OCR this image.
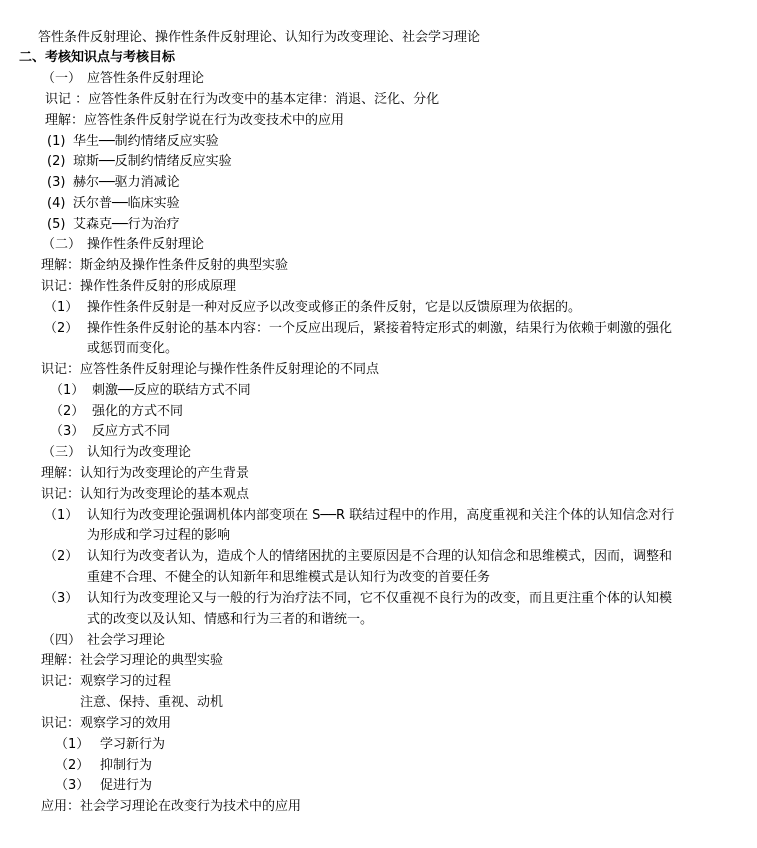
答性条件反射理论、操作性条件反射理论、认知行为改变理论、社会学习理论
二、考核知识点与考核目标
（一） 应答性条件反射理论
识记 ：应答性条件反射在行为改变中的基本定律：消退、泛化、分化
理解：应答性条件反射学说在行为改变技术中的应用
(1) 华生──制约情绪反应实验
(2) 琼斯──反制约情绪反应实验
(3) 赫尔──驱力消减论
(4) 沃尔普──临床实验
(5) 艾森克──行为治疗
（二） 操作性条件反射理论
理解：斯金纳及操作性条件反射的典型实验
识记：操作性条件反射的形成原理
（1） 操作性条件反射是一种对反应予以改变或修正的条件反射，它是以反馈原理为依据的。
（2） 操作性条件反射论的基本内容：一个反应出现后，紧接着特定形式的刺激，结果行为依赖于刺激的强化
或惩罚而变化。
识记：应答性条件反射理论与操作性条件反射理论的不同点
（1） 刺激──反应的联结方式不同
（2） 强化的方式不同
（3） 反应方式不同
（三） 认知行为改变理论
理解：认知行为改变理论的产生背景
识记：认知行为改变理论的基本观点
（1） 认知行为改变理论强调机体内部变项在 S──R 联结过程中的作用，高度重视和关注个体的认知信念对行
为形成和学习过程的影响
（2） 认知行为改变者认为，造成个人的情绪困扰的主要原因是不合理的认知信念和思维模式，因而，调整和
重建不合理、不健全的认知新年和思维模式是认知行为改变的首要任务
（3） 认知行为改变理论又与一般的行为治疗法不同，它不仅重视不良行为的改变，而且更注重个体的认知模
式的改变以及认知、情感和行为三者的和谐统一。
（四） 社会学习理论
理解：社会学习理论的典型实验
识记：观察学习的过程
注意、保持、重视、动机
识记：观察学习的效用
（1） 学习新行为
（2） 抑制行为
（3） 促进行为
应用：社会学习理论在改变行为技术中的应用
